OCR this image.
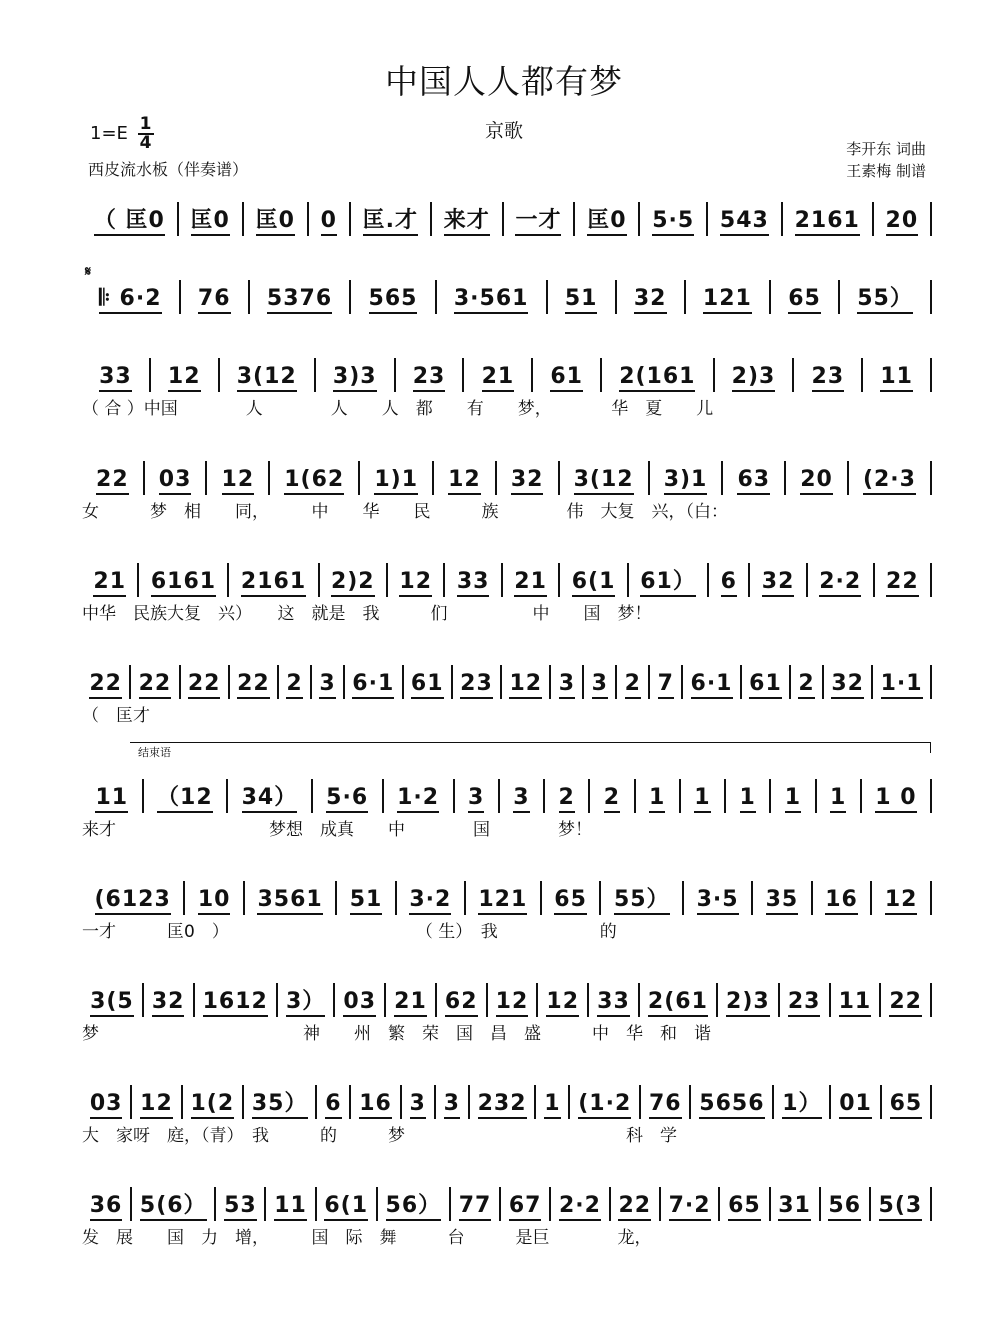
中国人人都有梦
$1=E \frac{1}{4}$	京歌
西皮流水板（伴奏谱）
李开东 词曲
王素梅 制谱
𝄋
结束语
（ 匡0 匡0 匡0 0 匡.才 来才 一才 匡0 5·5 543 2161 20
𝄆 6·2 76 5376 565 3·561 51 32 121 65 55）
33 12 3(12 3)3 23 21 61 2(161 2)3 23 11
（ 合 ）中国　　　　人　　　　人　　人　都　　有　　梦，　　　　华　夏　　儿
22 03 12 1(62 1)1 12 32 3(12 3)1 63 20 (2·3
女　　　梦　相　　同，　　　中　　华　　民　　　族　　　　伟　大复　兴，（白：
21 6161 2161 2)2 12 33 21 6(1 61） 6 32 2·2 22
中华　民族大复　兴）　　这　就是　我　　　们　　　　　中　　国　梦！
22 22 22 22 2 3 6·1 61 23 12 3 3 2 7 6·1 61 2 32 1·1
（　匡才
11 （12 34） 5·6 1·2 3 3 2 2 1 1 1 1 1 1 0
来才　　　　　　　　　梦想　成真　　中　　　　国　　　　梦！
(6123 10 3561 51 3·2 121 65 55） 3·5 35 16 12
一才　　　匡0　）　　　　　　　　　　　　（ 生）　我　　　　　　的
3(5 32 1612 3） 03 21 62 12 12 33 2(61 2)3 23 11 22
梦　　　　　　　　　　　　神　　州　繁　荣　国　昌　盛　　　中　华　和　谐
03 12 1(2 35） 6 16 3 3 232 1 (1·2 76 5656 1） 01 65
大　家呀　庭，（青）　我　　　的　　　梦　　　　　　　　　　　　　科　学
36 5(6） 53 11 6(1 56） 77 67 2·2 22 7·2 65 31 56 5(3
发　展　　国　力　增，　　　国　际　舞　　　台　　　是巨　　　　龙，
